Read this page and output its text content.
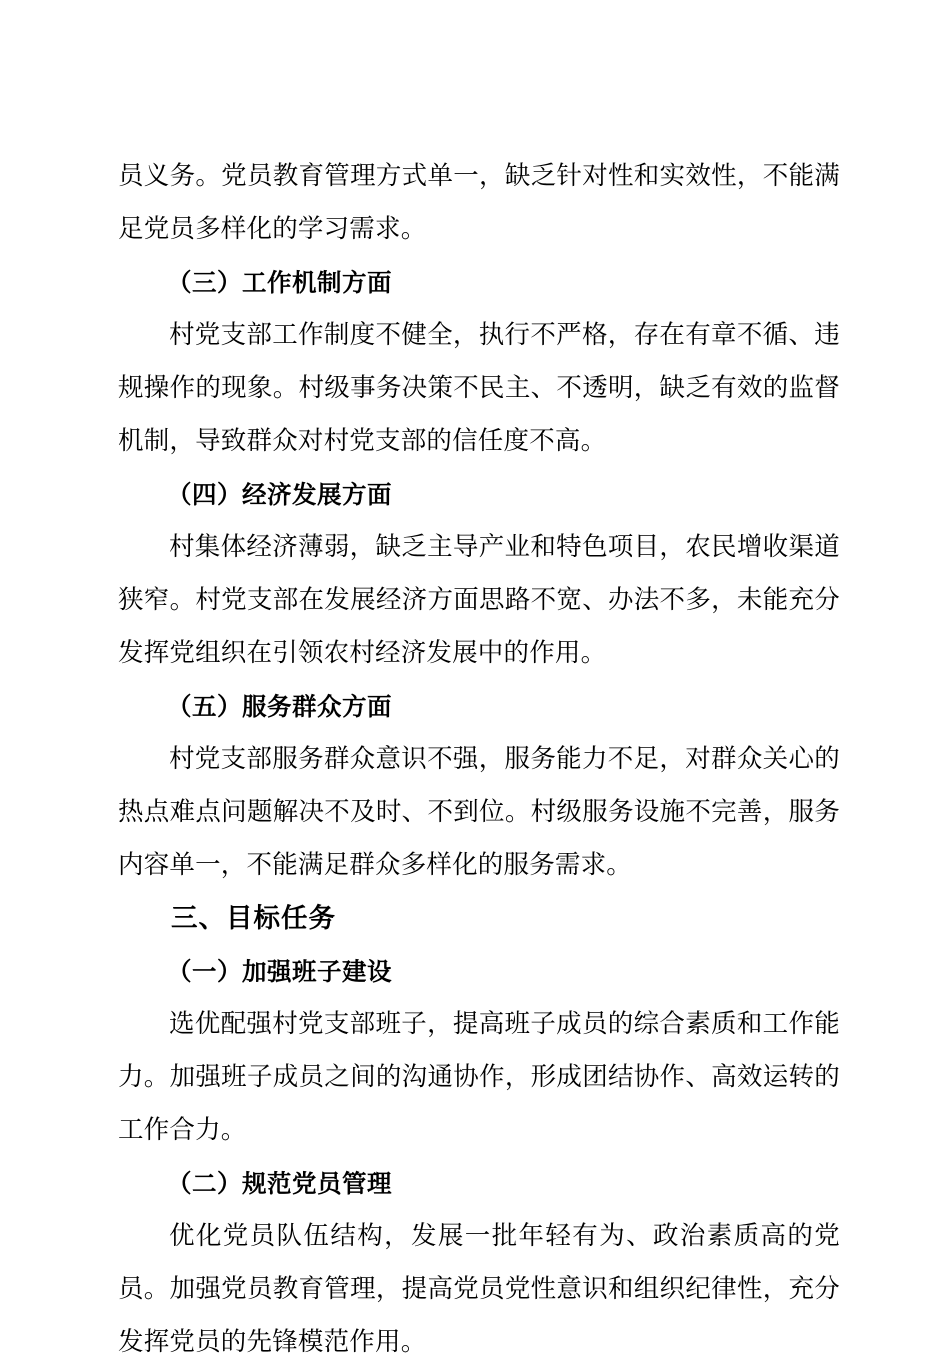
员义务。党员教育管理方式单一，缺乏针对性和实效性，不能满足党员多样化的学习需求。

（三）工作机制方面

村党支部工作制度不健全，执行不严格，存在有章不循、违规操作的现象。村级事务决策不民主、不透明，缺乏有效的监督机制，导致群众对村党支部的信任度不高。

（四）经济发展方面

村集体经济薄弱，缺乏主导产业和特色项目，农民增收渠道狭窄。村党支部在发展经济方面思路不宽、办法不多，未能充分发挥党组织在引领农村经济发展中的作用。

（五）服务群众方面

村党支部服务群众意识不强，服务能力不足，对群众关心的热点难点问题解决不及时、不到位。村级服务设施不完善，服务内容单一，不能满足群众多样化的服务需求。

三、目标任务

（一）加强班子建设

选优配强村党支部班子，提高班子成员的综合素质和工作能力。加强班子成员之间的沟通协作，形成团结协作、高效运转的工作合力。

（二）规范党员管理

优化党员队伍结构，发展一批年轻有为、政治素质高的党员。加强党员教育管理，提高党员党性意识和组织纪律性，充分发挥党员的先锋模范作用。
